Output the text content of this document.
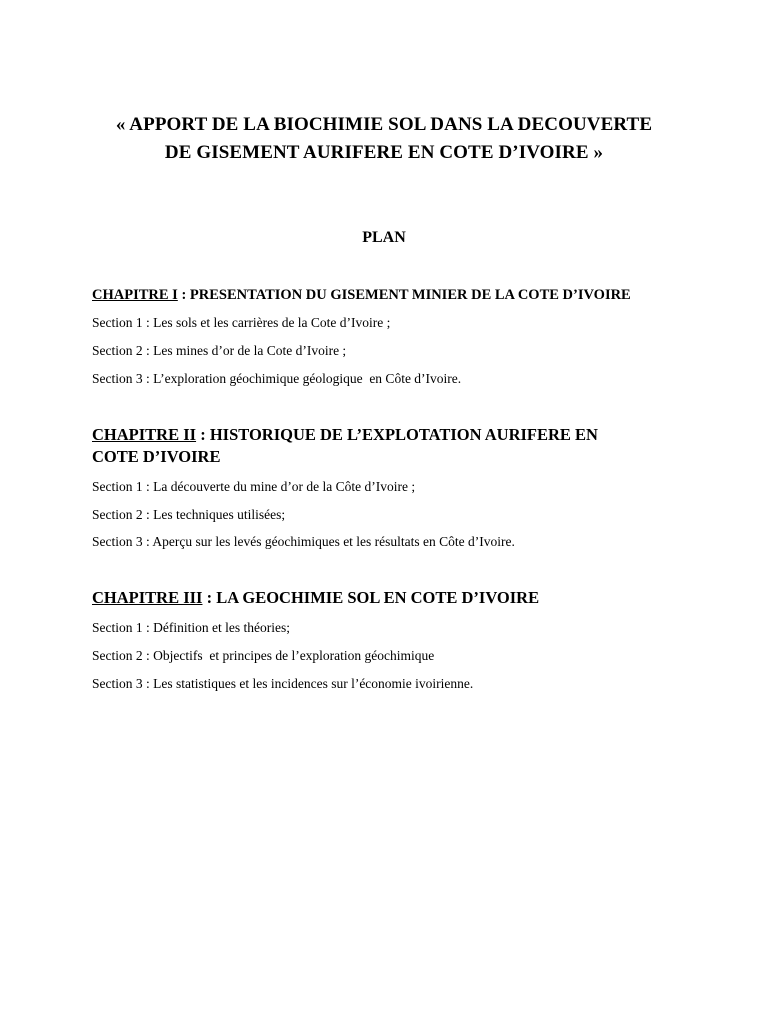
« APPORT DE LA BIOCHIMIE SOL DANS LA DECOUVERTE
DE GISEMENT AURIFERE EN COTE D’IVOIRE »
PLAN
CHAPITRE I : PRESENTATION DU GISEMENT MINIER DE LA COTE D’IVOIRE
Section 1 : Les sols et les carrières de la Cote d’Ivoire ;
Section 2 : Les mines d’or de la Cote d’Ivoire ;
Section 3 : L’exploration géochimique géologique  en Côte d’Ivoire.
CHAPITRE II : HISTORIQUE DE L’EXPLOTATION AURIFERE EN
COTE D’IVOIRE
Section 1 : La découverte du mine d’or de la Côte d’Ivoire ;
Section 2 : Les techniques utilisées;
Section 3 : Aperçu sur les levés géochimiques et les résultats en Côte d’Ivoire.
CHAPITRE III : LA GEOCHIMIE SOL EN COTE D’IVOIRE
Section 1 : Définition et les théories;
Section 2 : Objectifs  et principes de l’exploration géochimique
Section 3 : Les statistiques et les incidences sur l’économie ivoirienne.
